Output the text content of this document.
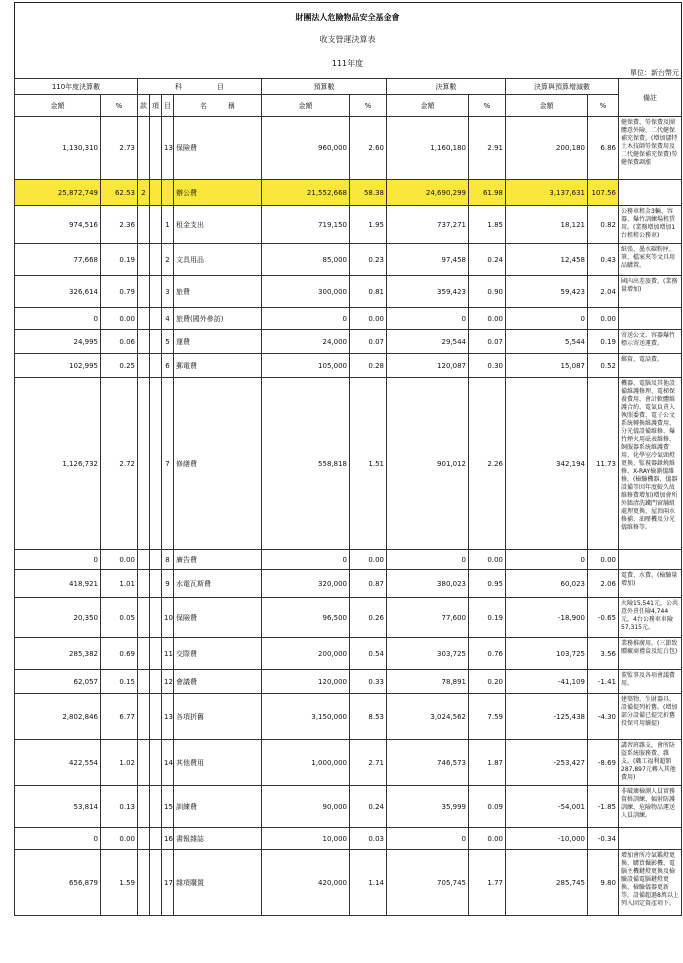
財團法人危險物品安全基金會
收支營運決算表
111年度
單位：新台幣元
110年度決算數		科　　　　　目				預算數		決算數		決算與預算增減數		備註
金額	%	款	項	目	名　　　稱	金額	%	金額	%	金額	%	
1,130,310	2.73			13	保險費	960,000	2.60	1,160,180	2.91	200,180	6.86	健保費、勞保費及團體意外險、二代健保補充保費。(增加儲特土木技師勞保費用及二代健保補充保費)勞健保費調漲
25,872,749	62.53	2			辦公費	21,552,668	58.38	24,690,299	61.98	3,137,631	107.56	
974,516	2.36			1	租金支出	719,150	1.95	737,271	1.85	18,121	0.82	公務車租金3輛、容器、爆竹訓練場租賃用。(業務增加增加1台租租公務車)
77,668	0.19			2	文具用品	85,000	0.23	97,458	0.24	12,458	0.43	紙張、墨水碳粉匣、筆、檔案夾等文具用品購置。
326,614	0.79			3	旅費	300,000	0.81	359,423	0.90	59,423	2.04	國內出差旅費。(業務量增加)
0	0.00			4	旅費(國外參訪)	0	0.00	0	0.00	0	0.00	
24,995	0.06			5	運費	24,000	0.07	29,544	0.07	5,544	0.19	寄送公文、容器爆竹標示寄送運費。
102,995	0.25			6	郵電費	105,000	0.28	120,087	0.30	15,087	0.52	郵資、電話費。
1,126,732	2.72			7	修繕費	558,818	1.51	901,012	2.26	342,194	11.73	機器、電腦及其他設備維護修理、電梯保養費用、會計軟體維護合約、電氣負責人執照委費、電子公文系統轉換維護費用、分光儀設備維修、爆竹煙火用砝表維修、飼服器系統維護費用、化學室冷氣頭燈更換、監視器錄燒維修、X-RAY檢測儀維修。(檢驗機器、儀器設備等因年度較久故維修費增加)增加會所外牆清洗鐵門窗舖組處理更換、屋頂兩水修補、油壓機及分光儀維修等。
0	0.00			8	廣告費	0	0.00	0	0.00	0	0.00	
418,921	1.01			9	水電瓦斯費	320,000	0.87	380,023	0.95	60,023	2.06	電費、水費。(檢驗量增加)
20,350	0.05			10	保險費	96,500	0.26	77,600	0.19	-18,900	-0.65	火險15,541元，公共意外責任險4,744元，4台公務車車險57,315元。
285,382	0.69			11	交際費	200,000	0.54	303,725	0.76	103,725	3.56	業務推廣用。(三節致贈廠商禮盒及紅白包)
62,057	0.15			12	會議費	120,000	0.33	78,891	0.20	-41,109	-1.41	董監事及各項會議費用。
2,802,846	6.77			13	各項折舊	3,150,000	8.53	3,024,562	7.59	-125,438	-4.30	建築物、生財器具、設備提列折舊。(增加部分設備已提完折舊投保可用續提)
422,554	1.02			14	其他費用	1,000,000	2.71	746,573	1.87	-253,427	-8.69	講習班雜支，會所防盜系統服務費、雜支。(職工福利超額287,897元轉入其他費用)
53,814	0.13			15	訓練費	90,000	0.24	35,999	0.09	-54,001	-1.85	非破壞檢測人員實務資格訓練、輻射防護訓練、危險物品運送人員訓練。
0	0.00			16	書報雜誌	10,000	0.03	0	0.00	-10,000	-0.34	
656,879	1.59			17	雜項購置	420,000	1.14	705,745	1.77	285,745	9.80	增加會所冷氣鑑燈更換、購買攝影機、電腦主機鍵燈更換及檢驗設備電腦鍵燈更換、檢驗儀器更新等，設備超過8萬以上列入固定資產項下。
